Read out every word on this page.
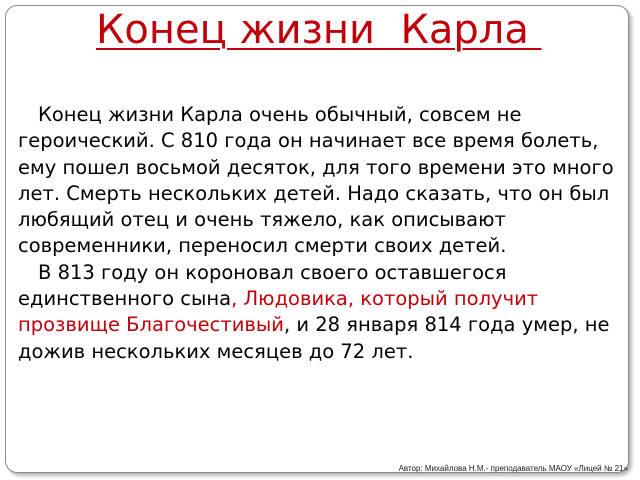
Конец жизни  Карла

Конец жизни Карла очень обычный, совсем не героический. С 810 года он начинает все время болеть, ему пошел восьмой десяток, для того времени это много лет. Смерть нескольких детей. Надо сказать, что он был любящий отец и очень тяжело, как описывают современники, переносил смерти своих детей.

В 813 году он короновал своего оставшегося единственного сына, Людовика, который получит прозвище Благочестивый, и 28 января 814 года умер, не дожив нескольких месяцев до 72 лет.

Автор: Михайлова Н.М.- преподаватель МАОУ «Лицей № 21»
